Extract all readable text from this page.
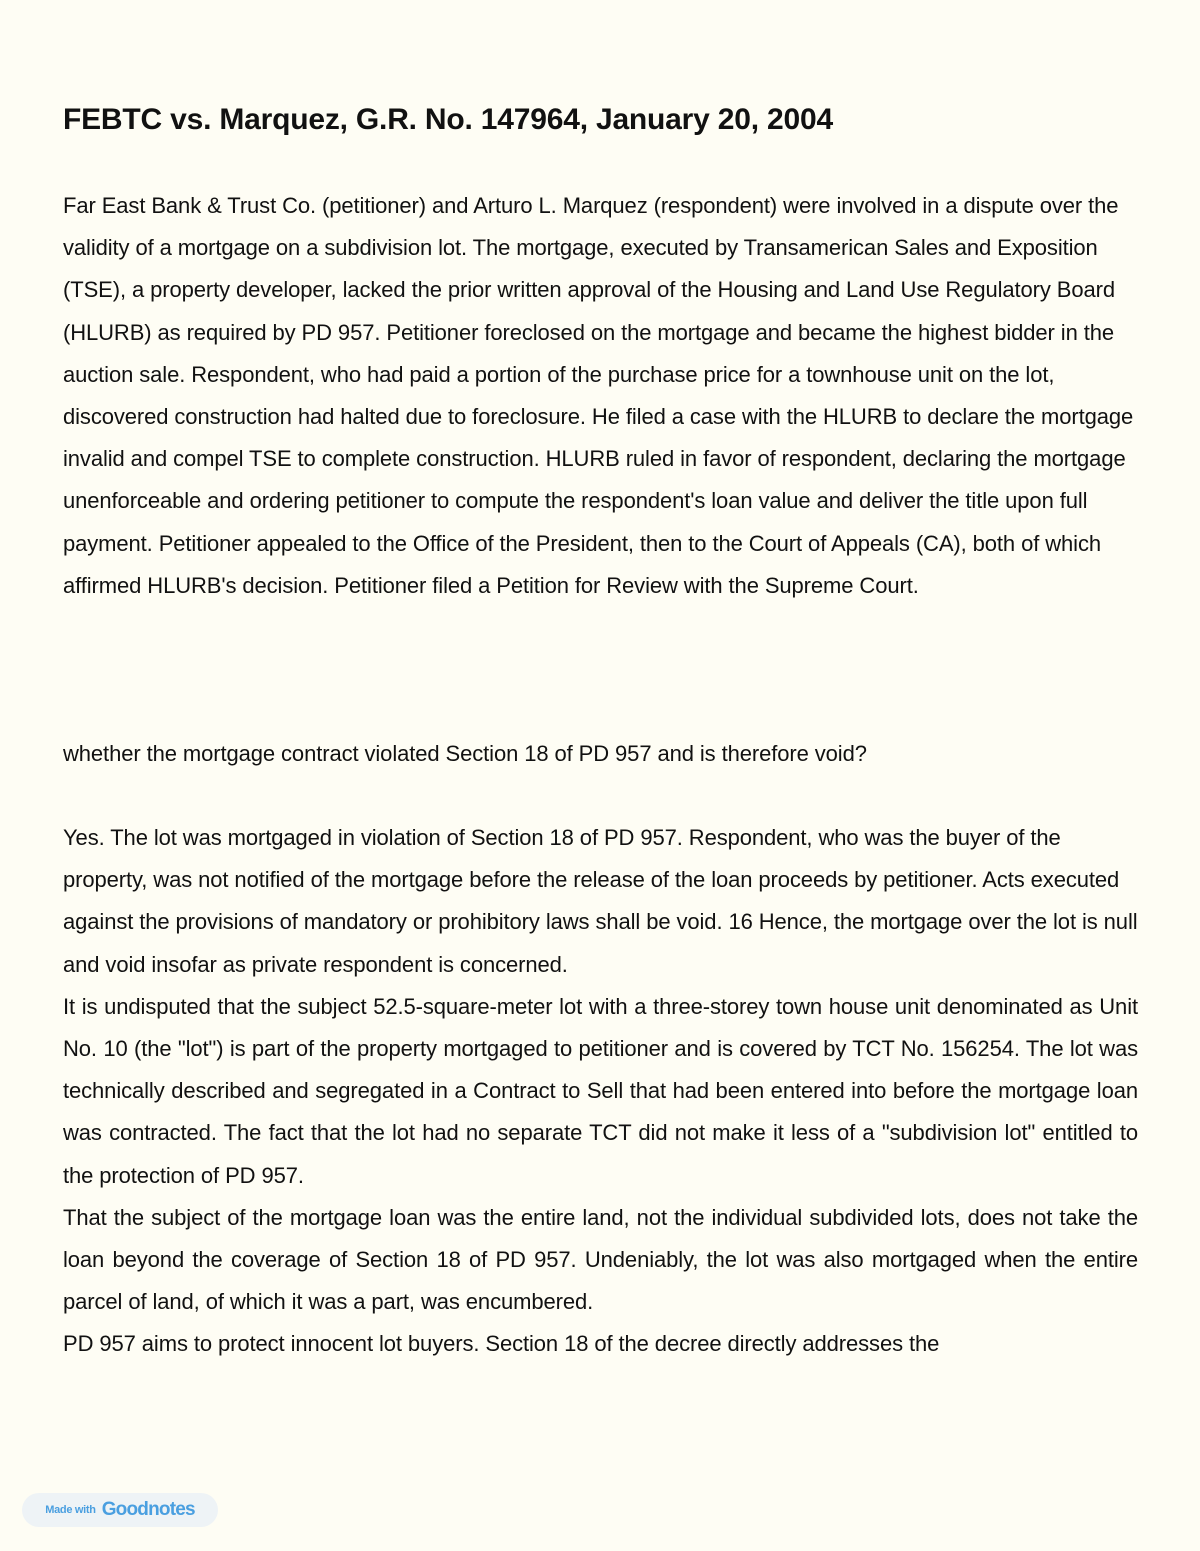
FEBTC vs. Marquez, G.R. No. 147964, January 20, 2004

Far East Bank & Trust Co. (petitioner) and Arturo L. Marquez (respondent) were involved in a dispute over the validity of a mortgage on a subdivision lot. The mortgage, executed by Transamerican Sales and Exposition (TSE), a property developer, lacked the prior written approval of the Housing and Land Use Regulatory Board (HLURB) as required by PD 957. Petitioner foreclosed on the mortgage and became the highest bidder in the auction sale. Respondent, who had paid a portion of the purchase price for a townhouse unit on the lot, discovered construction had halted due to foreclosure. He filed a case with the HLURB to declare the mortgage invalid and compel TSE to complete construction. HLURB ruled in favor of respondent, declaring the mortgage unenforceable and ordering petitioner to compute the respondent's loan value and deliver the title upon full payment. Petitioner appealed to the Office of the President, then to the Court of Appeals (CA), both of which affirmed HLURB's decision. Petitioner filed a Petition for Review with the Supreme Court.

whether the mortgage contract violated Section 18 of PD 957 and is therefore void?

Yes. The lot was mortgaged in violation of Section 18 of PD 957. Respondent, who was the buyer of the property, was not notified of the mortgage before the release of the loan proceeds by petitioner. Acts executed against the provisions of mandatory or prohibitory laws shall be void. 16 Hence, the mortgage over the lot is null and void insofar as private respondent is concerned.

It is undisputed that the subject 52.5-square-meter lot with a three-storey town house unit denominated as Unit No. 10 (the "lot") is part of the property mortgaged to petitioner and is covered by TCT No. 156254. The lot was technically described and segregated in a Contract to Sell that had been entered into before the mortgage loan was contracted. The fact that the lot had no separate TCT did not make it less of a "subdivision lot" entitled to the protection of PD 957.

That the subject of the mortgage loan was the entire land, not the individual subdivided lots, does not take the loan beyond the coverage of Section 18 of PD 957. Undeniably, the lot was also mortgaged when the entire parcel of land, of which it was a part, was encumbered.

PD 957 aims to protect innocent lot buyers. Section 18 of the decree directly addresses the

Made with Goodnotes
